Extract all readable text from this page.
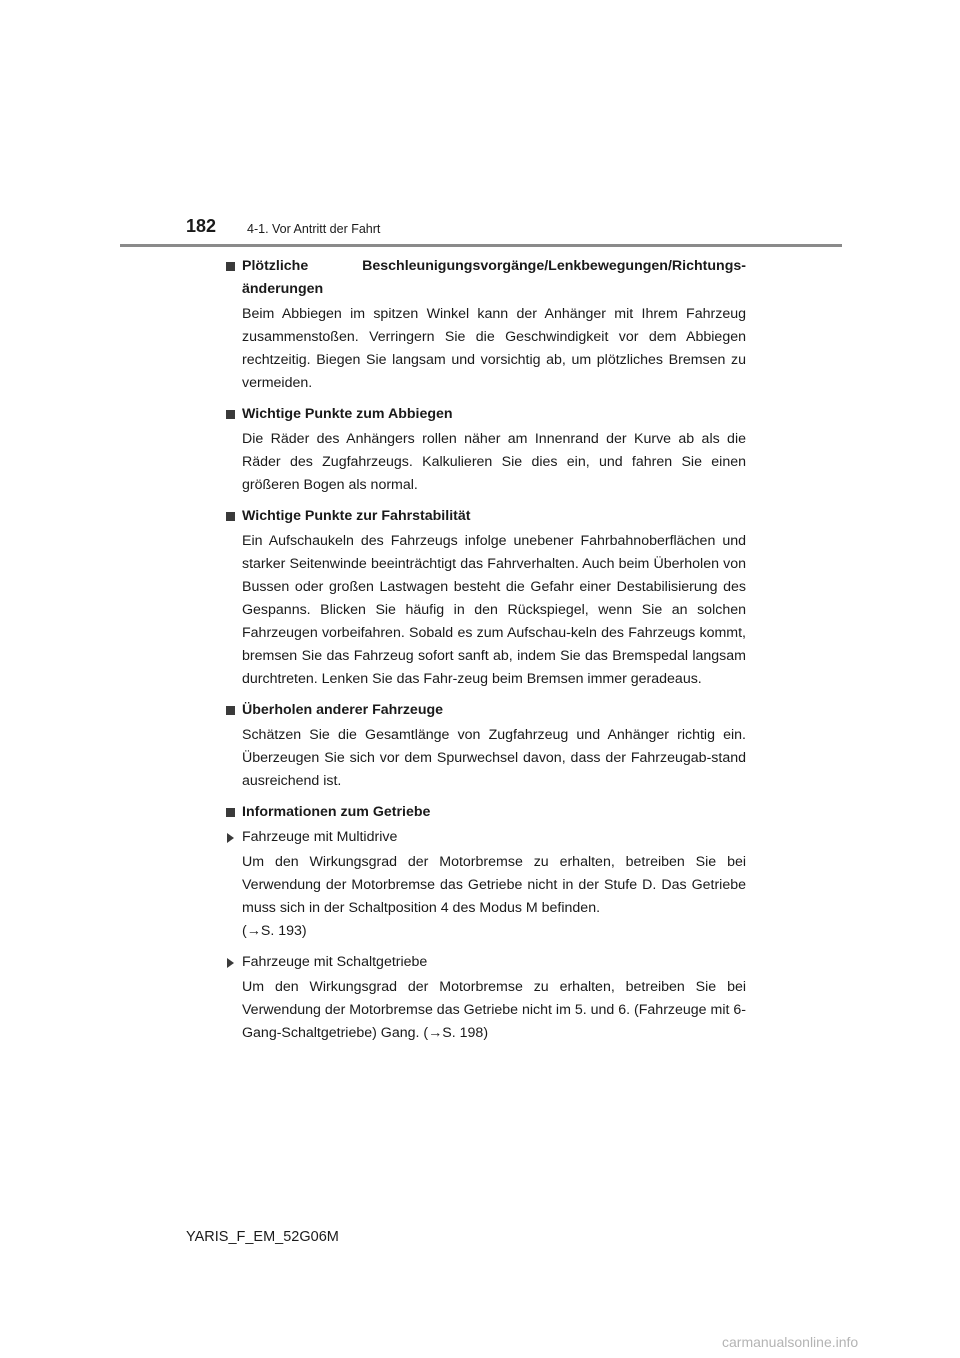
182 4-1. Vor Antritt der Fahrt
Plötzliche    Beschleunigungsvorgänge/Lenkbewegungen/Richtungs-
änderungen
Beim Abbiegen im spitzen Winkel kann der Anhänger mit Ihrem Fahrzeug zusammenstoßen. Verringern Sie die Geschwindigkeit vor dem Abbiegen rechtzeitig. Biegen Sie langsam und vorsichtig ab, um plötzliches Bremsen zu vermeiden.
Wichtige Punkte zum Abbiegen
Die Räder des Anhängers rollen näher am Innenrand der Kurve ab als die Räder des Zugfahrzeugs. Kalkulieren Sie dies ein, und fahren Sie einen größeren Bogen als normal.
Wichtige Punkte zur Fahrstabilität
Ein Aufschaukeln des Fahrzeugs infolge unebener Fahrbahnoberflächen und starker Seitenwinde beeinträchtigt das Fahrverhalten. Auch beim Überholen von Bussen oder großen Lastwagen besteht die Gefahr einer Destabilisierung des Gespanns. Blicken Sie häufig in den Rückspiegel, wenn Sie an solchen Fahrzeugen vorbeifahren. Sobald es zum Aufschau-keln des Fahrzeugs kommt, bremsen Sie das Fahrzeug sofort sanft ab, indem Sie das Bremspedal langsam durchtreten. Lenken Sie das Fahr-zeug beim Bremsen immer geradeaus.
Überholen anderer Fahrzeuge
Schätzen Sie die Gesamtlänge von Zugfahrzeug und Anhänger richtig ein. Überzeugen Sie sich vor dem Spurwechsel davon, dass der Fahrzeugab-stand ausreichend ist.
Informationen zum Getriebe
Fahrzeuge mit Multidrive
Um den Wirkungsgrad der Motorbremse zu erhalten, betreiben Sie bei Verwendung der Motorbremse das Getriebe nicht in der Stufe D. Das Getriebe muss sich in der Schaltposition 4 des Modus M befinden.
(→S. 193)
Fahrzeuge mit Schaltgetriebe
Um den Wirkungsgrad der Motorbremse zu erhalten, betreiben Sie bei Verwendung der Motorbremse das Getriebe nicht im 5. und 6. (Fahrzeuge mit 6-Gang-Schaltgetriebe) Gang. (→S. 198)
YARIS_F_EM_52G06M
carmanualsonline.info
